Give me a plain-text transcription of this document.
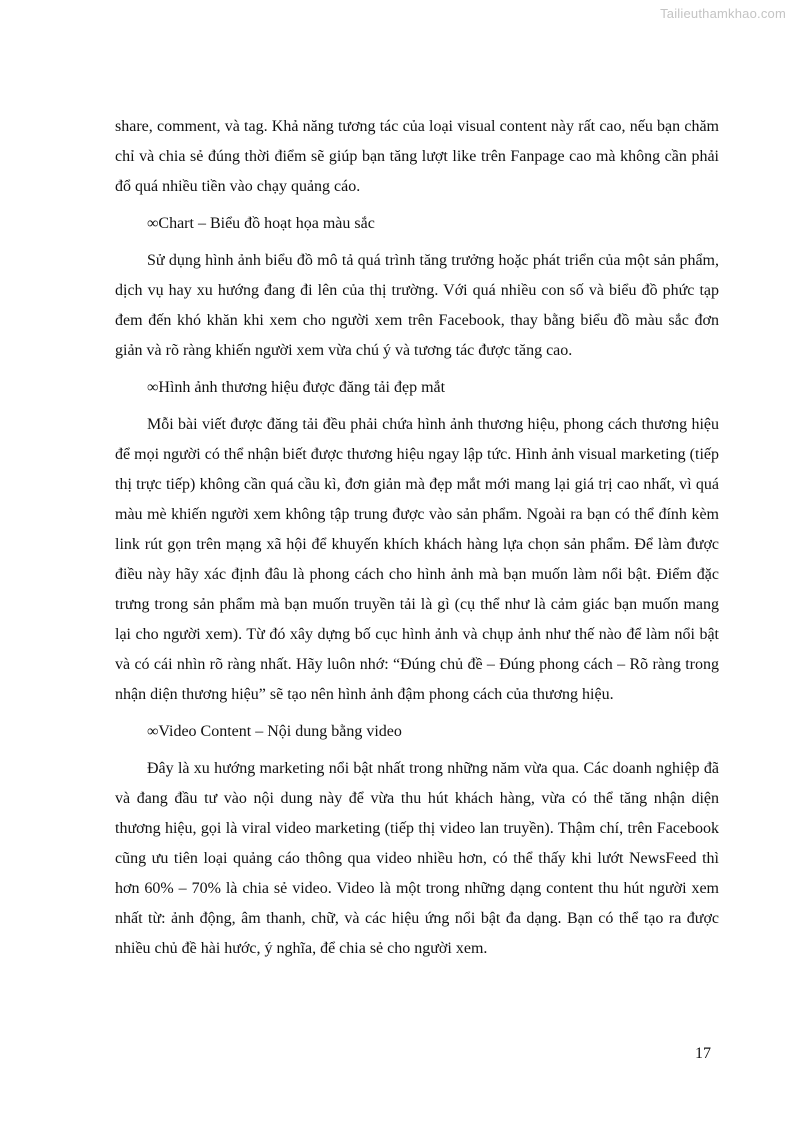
Tailieuthamkhao.com

share, comment, và tag. Khả năng tương tác của loại visual content này rất cao, nếu bạn chăm chỉ và chia sẻ đúng thời điểm sẽ giúp bạn tăng lượt like trên Fanpage cao mà không cần phải đổ quá nhiều tiền vào chạy quảng cáo.

∞Chart – Biểu đồ hoạt họa màu sắc

Sử dụng hình ảnh biểu đồ mô tả quá trình tăng trưởng hoặc phát triển của một sản phẩm, dịch vụ hay xu hướng đang đi lên của thị trường. Với quá nhiều con số và biểu đồ phức tạp đem đến khó khăn khi xem cho người xem trên Facebook, thay bằng biểu đồ màu sắc đơn giản và rõ ràng khiến người xem vừa chú ý và tương tác được tăng cao.

∞Hình ảnh thương hiệu được đăng tải đẹp mắt

Mỗi bài viết được đăng tải đều phải chứa hình ảnh thương hiệu, phong cách thương hiệu để mọi người có thể nhận biết được thương hiệu ngay lập tức. Hình ảnh visual marketing (tiếp thị trực tiếp) không cần quá cầu kì, đơn giản mà đẹp mắt mới mang lại giá trị cao nhất, vì quá màu mè khiến người xem không tập trung được vào sản phẩm. Ngoài ra bạn có thể đính kèm link rút gọn trên mạng xã hội để khuyến khích khách hàng lựa chọn sản phẩm. Để làm được điều này hãy xác định đâu là phong cách cho hình ảnh mà bạn muốn làm nổi bật. Điểm đặc trưng trong sản phẩm mà bạn muốn truyền tải là gì (cụ thể như là cảm giác bạn muốn mang lại cho người xem). Từ đó xây dựng bố cục hình ảnh và chụp ảnh như thế nào để làm nổi bật và có cái nhìn rõ ràng nhất. Hãy luôn nhớ: “Đúng chủ đề – Đúng phong cách – Rõ ràng trong nhận diện thương hiệu” sẽ tạo nên hình ảnh đậm phong cách của thương hiệu.

∞Video Content – Nội dung bằng video

Đây là xu hướng marketing nổi bật nhất trong những năm vừa qua. Các doanh nghiệp đã và đang đầu tư vào nội dung này để vừa thu hút khách hàng, vừa có thể tăng nhận diện thương hiệu, gọi là viral video marketing (tiếp thị video lan truyền). Thậm chí, trên Facebook cũng ưu tiên loại quảng cáo thông qua video nhiều hơn, có thể thấy khi lướt NewsFeed thì hơn 60% – 70% là chia sẻ video. Video là một trong những dạng content thu hút người xem nhất từ: ảnh động, âm thanh, chữ, và các hiệu ứng nổi bật đa dạng. Bạn có thể tạo ra được nhiều chủ đề hài hước, ý nghĩa, để chia sẻ cho người xem.

17
